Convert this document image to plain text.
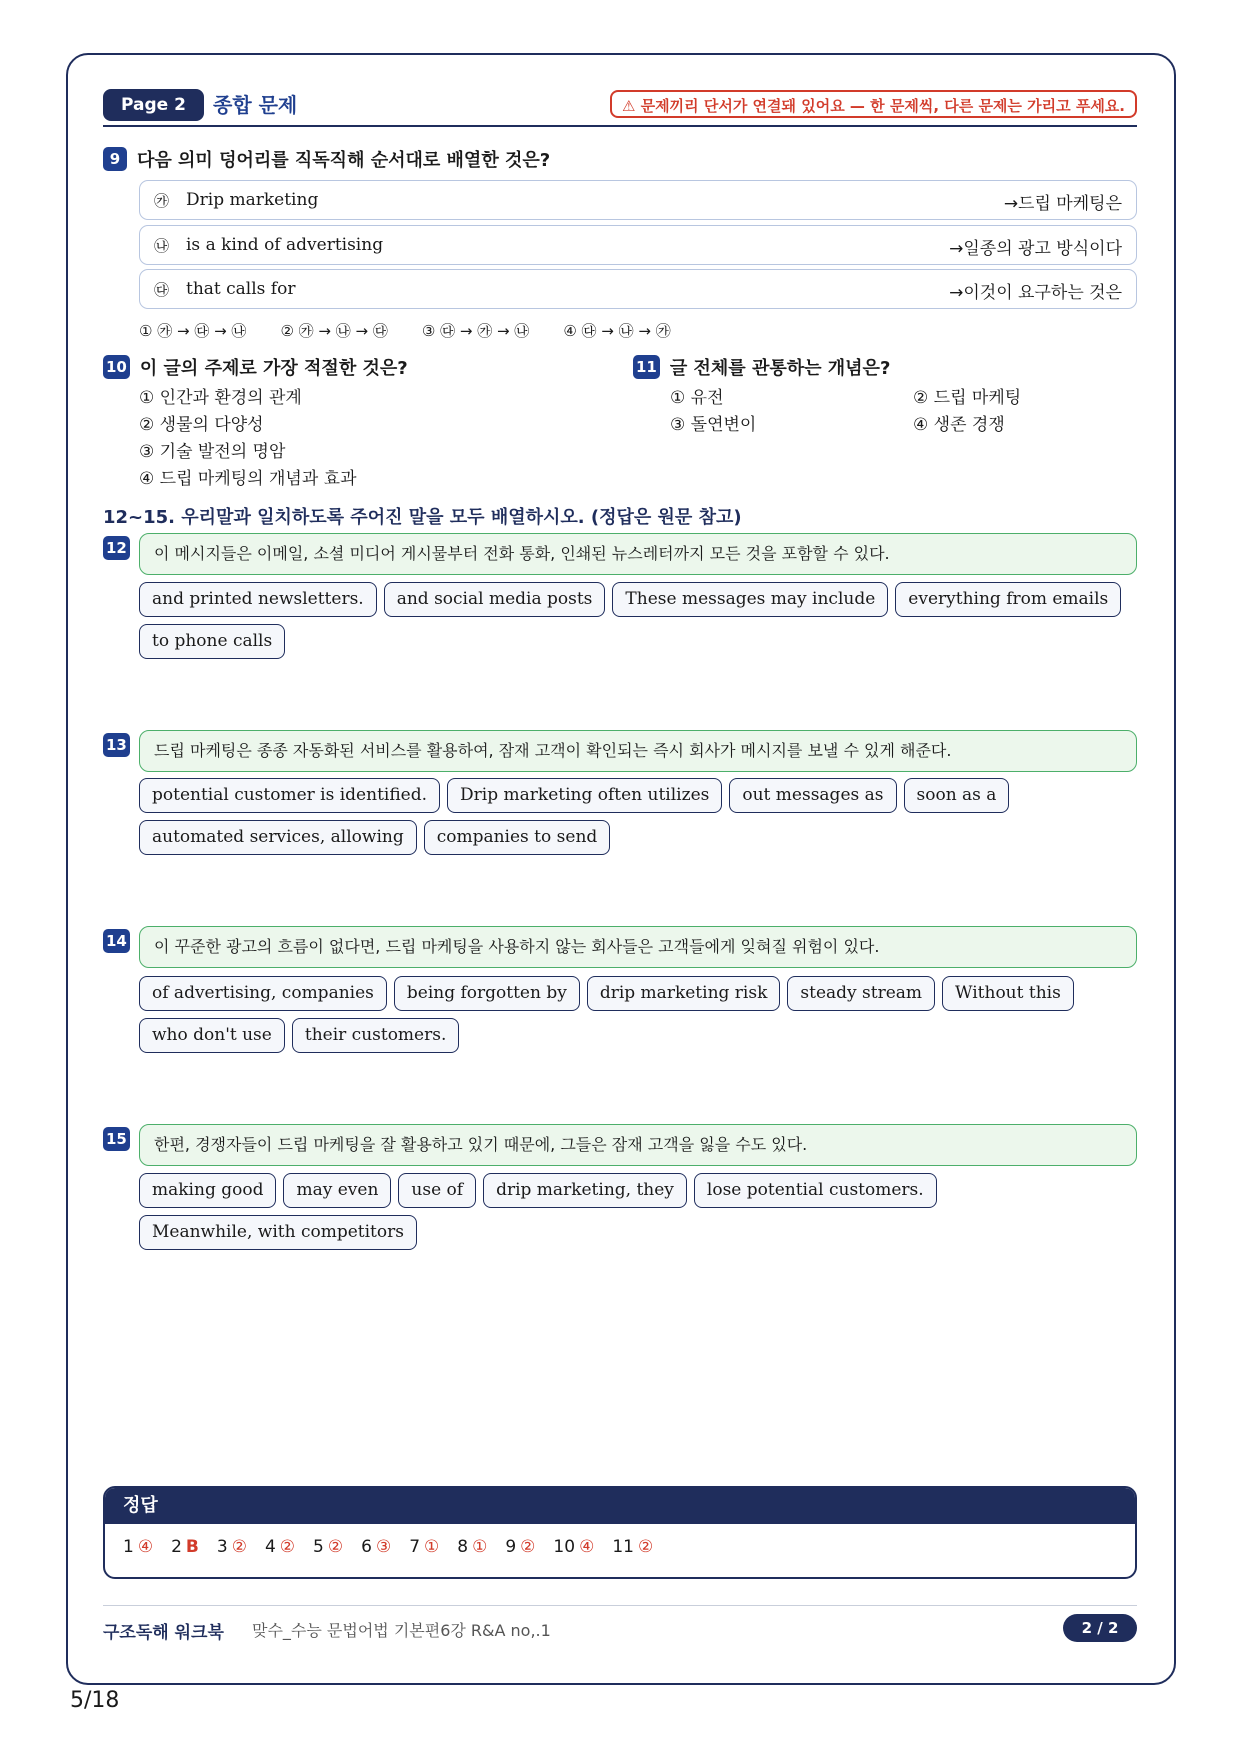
Page 2	종합 문제	⚠ 문제끼리 단서가 연결돼 있어요 — 한 문제씩, 다른 문제는 가리고 푸세요.
9 다음 의미 덩어리를 직독직해 순서대로 배열한 것은?
㉮ Drip marketing	→드립 마케팅은
㉯ is a kind of advertising	→일종의 광고 방식이다
㉰ that calls for	→이것이 요구하는 것은
① ㉮ → ㉰ → ㉯ ② ㉮ → ㉯ → ㉰ ③ ㉰ → ㉮ → ㉯ ④ ㉰ → ㉯ → ㉮
10 이 글의 주제로 가장 적절한 것은?
① 인간과 환경의 관계
② 생물의 다양성
③ 기술 발전의 명암
④ 드립 마케팅의 개념과 효과
11 글 전체를 관통하는 개념은?
① 유전
③ 돌연변이
② 드립 마케팅
④ 생존 경쟁
12~15. 우리말과 일치하도록 주어진 말을 모두 배열하시오. (정답은 원문 참고)
12	이 메시지들은 이메일, 소셜 미디어 게시물부터 전화 통화, 인쇄된 뉴스레터까지 모든 것을 포함할 수 있다.
and printed newsletters.	and social media posts	These messages may include	everything from emails
to phone calls
13	드립 마케팅은 종종 자동화된 서비스를 활용하여, 잠재 고객이 확인되는 즉시 회사가 메시지를 보낼 수 있게 해준다.
potential customer is identified.	Drip marketing often utilizes	out messages as	soon as a
automated services, allowing	companies to send
14	이 꾸준한 광고의 흐름이 없다면, 드립 마케팅을 사용하지 않는 회사들은 고객들에게 잊혀질 위험이 있다.
of advertising, companies	being forgotten by	drip marketing risk	steady stream	Without this
who don't use	their customers.
15	한편, 경쟁자들이 드립 마케팅을 잘 활용하고 있기 때문에, 그들은 잠재 고객을 잃을 수도 있다.
making good	may even	use of	drip marketing, they	lose potential customers.
Meanwhile, with competitors
정답
1 ④ 2 B 3 ② 4 ② 5 ② 6 ③ 7 ① 8 ① 9 ② 10 ④ 11 ②
구조독해 워크북 맞수_수능 문법어법 기본편6강 R&A no,.1	2 / 2
5/18
